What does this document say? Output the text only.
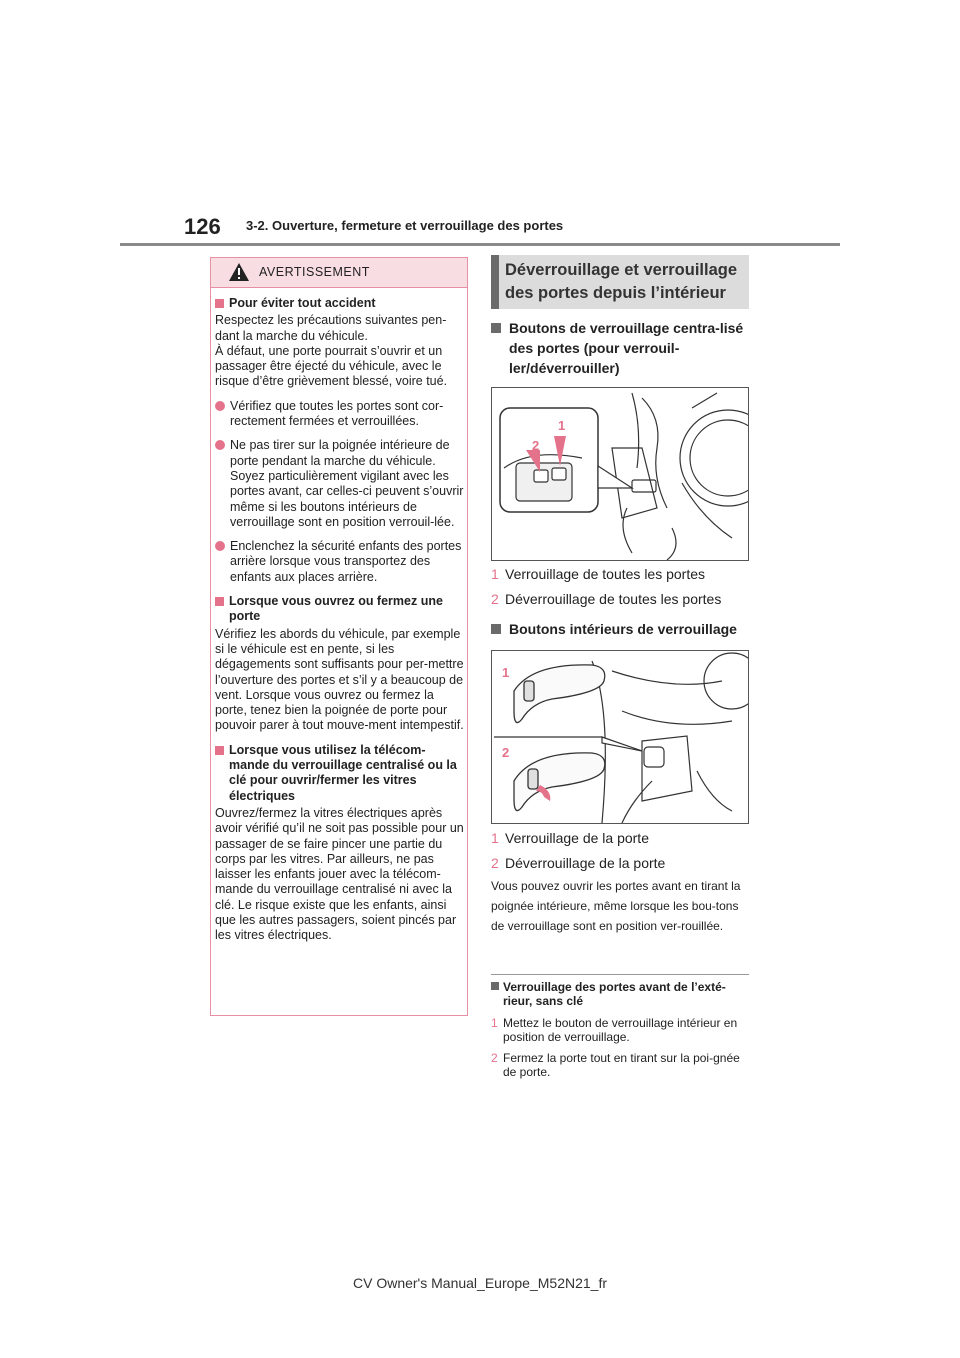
126 3-2. Ouverture, fermeture et verrouillage des portes
AVERTISSEMENT

Pour éviter tout accident

Respectez les précautions suivantes pen-dant la marche du véhicule.
À défaut, une porte pourrait s’ouvrir et un passager être éjecté du véhicule, avec le risque d’être grièvement blessé, voire tué.

Vérifiez que toutes les portes sont cor-rectement fermées et verrouillées.

Ne pas tirer sur la poignée intérieure de porte pendant la marche du véhicule. Soyez particulièrement vigilant avec les portes avant, car celles-ci peuvent s’ouvrir même si les boutons intérieurs de verrouillage sont en position verrouil-lée.

Enclenchez la sécurité enfants des portes arrière lorsque vous transportez des enfants aux places arrière.

Lorsque vous ouvrez ou fermez une porte

Vérifiez les abords du véhicule, par exemple si le véhicule est en pente, si les dégagements sont suffisants pour per-mettre l’ouverture des portes et s’il y a beaucoup de vent. Lorsque vous ouvrez ou fermez la porte, tenez bien la poignée de porte pour pouvoir parer à tout mouve-ment intempestif.

Lorsque vous utilisez la télécom-mande du verrouillage centralisé ou la clé pour ouvrir/fermer les vitres électriques

Ouvrez/fermez la vitres électriques après avoir vérifié qu’il ne soit pas possible pour un passager de se faire pincer une partie du corps par les vitres. Par ailleurs, ne pas laisser les enfants jouer avec la télécom-mande du verrouillage centralisé ni avec la clé. Le risque existe que les enfants, ainsi que les autres passagers, soient pincés par les vitres électriques.

Déverrouillage et verrouillage des portes depuis l’intérieur
Boutons de verrouillage centra-lisé des portes (pour verrouil-ler/déverrouiller)
1
2
1 Verrouillage de toutes les portes
2 Déverrouillage de toutes les portes
Boutons intérieurs de verrouillage
1
2
1 Verrouillage de la porte
2 Déverrouillage de la porte
Vous pouvez ouvrir les portes avant en tirant la poignée intérieure, même lorsque les bou-tons de verrouillage sont en position ver-rouillée.
Verrouillage des portes avant de l’exté-rieur, sans clé
1 Mettez le bouton de verrouillage intérieur en position de verrouillage.
2 Fermez la porte tout en tirant sur la poi-gnée de porte.
CV Owner's Manual_Europe_M52N21_fr
